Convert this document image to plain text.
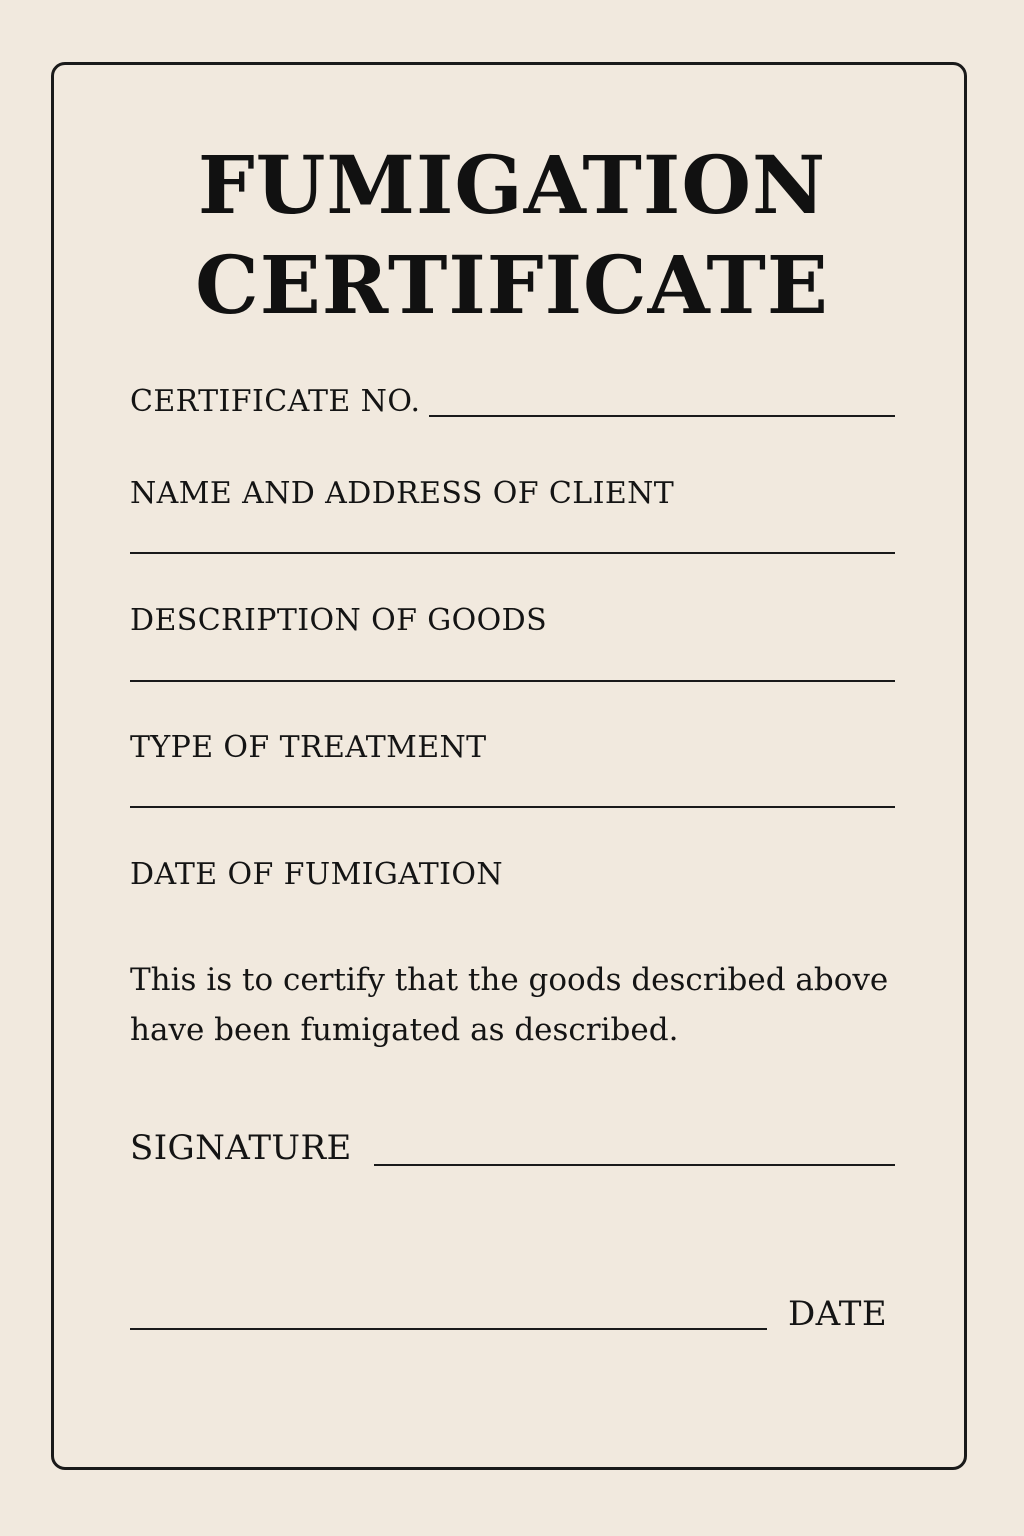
FUMIGATION
CERTIFICATE
CERTIFICATE NO.
NAME AND ADDRESS OF CLIENT
DESCRIPTION OF GOODS
TYPE OF TREATMENT
DATE OF FUMIGATION
This is to certify that the goods described above have been fumigated as described.
SIGNATURE
DATE
